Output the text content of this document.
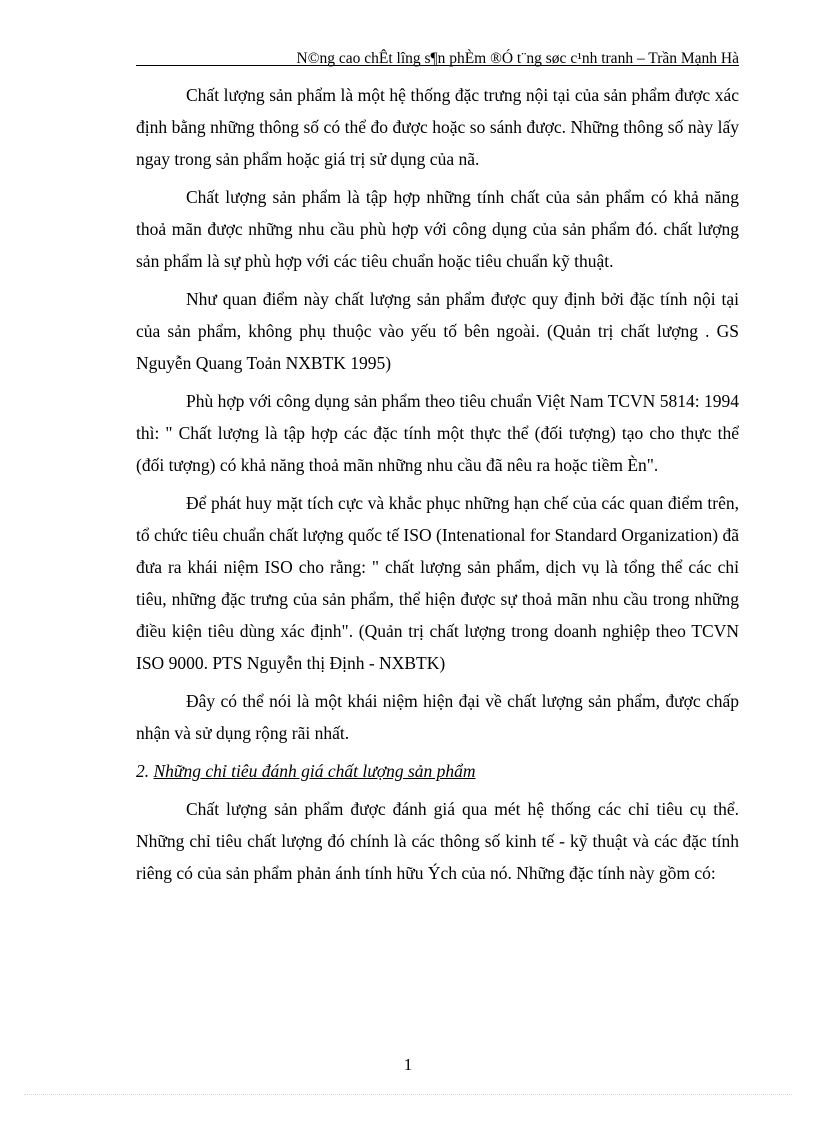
N©ng cao chÊt lîng s¶n phÈm ®Ó t¨ng søc c¹nh tranh – Trần Mạnh Hà

Chất lượng sản phẩm là một hệ thống đặc trưng nội tại của sản phẩm được xác định bằng những thông số có thể đo được hoặc so sánh được. Những thông số này lấy ngay trong sản phẩm hoặc giá trị sử dụng của nã.

Chất lượng sản phẩm là tập hợp những tính chất của sản phẩm có khả năng thoả mãn được những nhu cầu phù hợp với công dụng của sản phẩm đó. chất lượng sản phẩm là sự phù hợp với các tiêu chuẩn hoặc tiêu chuẩn kỹ thuật.

Như quan điểm này chất lượng sản phẩm được quy định bởi đặc tính nội tại của sản phẩm, không phụ thuộc vào yếu tố bên ngoài. (Quản trị chất lượng . GS Nguyễn Quang Toản NXBTK 1995)

Phù hợp với công dụng sản phẩm theo tiêu chuẩn Việt Nam TCVN 5814: 1994 thì: " Chất lượng là tập hợp các đặc tính một thực thể (đối tượng) tạo cho thực thể (đối tượng) có khả năng thoả mãn những nhu cầu đã nêu ra hoặc tiềm Èn".

Để phát huy mặt tích cực và khắc phục những hạn chế của các quan điểm trên, tổ chức tiêu chuẩn chất lượng quốc tế ISO (Intenational for Standard Organization) đã đưa ra khái niệm ISO cho rằng: " chất lượng sản phẩm, dịch vụ là tổng thể các chỉ tiêu, những đặc trưng của sản phẩm, thể hiện được sự thoả mãn nhu cầu trong những điều kiện tiêu dùng xác định". (Quản trị chất lượng trong doanh nghiệp theo TCVN ISO 9000. PTS Nguyễn thị Định - NXBTK)

Đây có thể nói là một khái niệm hiện đại về chất lượng sản phẩm, được chấp nhận và sử dụng rộng rãi nhất.

2. Những chỉ tiêu đánh giá chất lượng sản phẩm

Chất lượng sản phẩm được đánh giá qua mét hệ thống các chỉ tiêu cụ thể. Những chỉ tiêu chất lượng đó chính là các thông số kinh tế - kỹ thuật và các đặc tính riêng có của sản phẩm phản ánh tính hữu Ých của nó. Những đặc tính này gồm có:

1
